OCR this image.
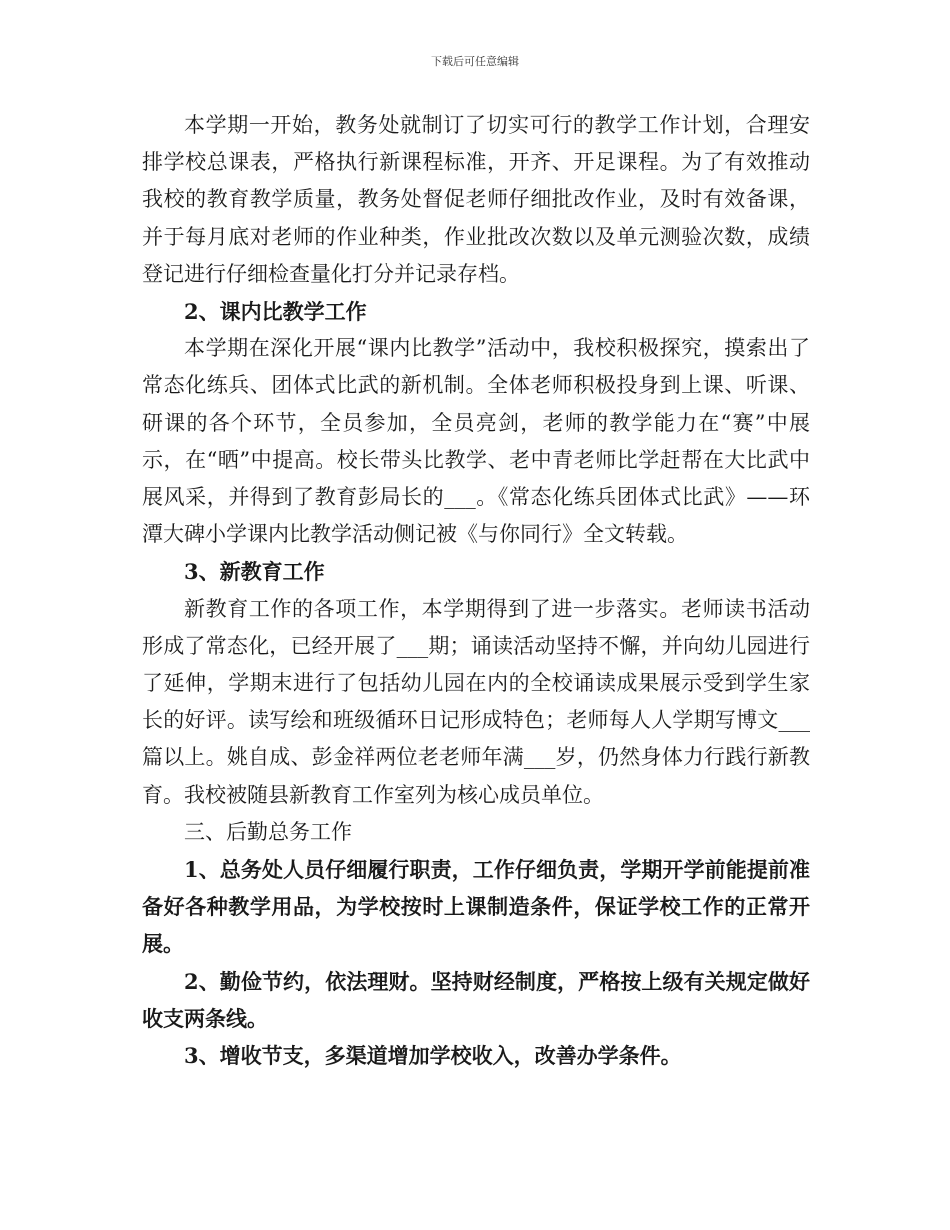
下载后可任意编辑

本学期一开始，教务处就制订了切实可行的教学工作计划，合理安排学校总课表，严格执行新课程标准，开齐、开足课程。为了有效推动我校的教育教学质量，教务处督促老师仔细批改作业，及时有效备课，并于每月底对老师的作业种类，作业批改次数以及单元测验次数，成绩登记进行仔细检查量化打分并记录存档。

2、课内比教学工作

本学期在深化开展“课内比教学”活动中，我校积极探究，摸索出了常态化练兵、团体式比武的新机制。全体老师积极投身到上课、听课、研课的各个环节，全员参加，全员亮剑，老师的教学能力在“赛”中展示，在“晒”中提高。校长带头比教学、老中青老师比学赶帮在大比武中展风采，并得到了教育彭局长的___。《常态化练兵团体式比武》——环潭大碑小学课内比教学活动侧记被《与你同行》全文转载。

3、新教育工作

新教育工作的各项工作，本学期得到了进一步落实。老师读书活动形成了常态化，已经开展了___期；诵读活动坚持不懈，并向幼儿园进行了延伸，学期末进行了包括幼儿园在内的全校诵读成果展示受到学生家长的好评。读写绘和班级循环日记形成特色；老师每人人学期写博文___篇以上。姚自成、彭金祥两位老老师年满___岁，仍然身体力行践行新教育。我校被随县新教育工作室列为核心成员单位。

三、后勤总务工作

1、总务处人员仔细履行职责，工作仔细负责，学期开学前能提前准备好各种教学用品，为学校按时上课制造条件，保证学校工作的正常开展。

2、勤俭节约，依法理财。坚持财经制度，严格按上级有关规定做好收支两条线。

3、增收节支，多渠道增加学校收入，改善办学条件。
